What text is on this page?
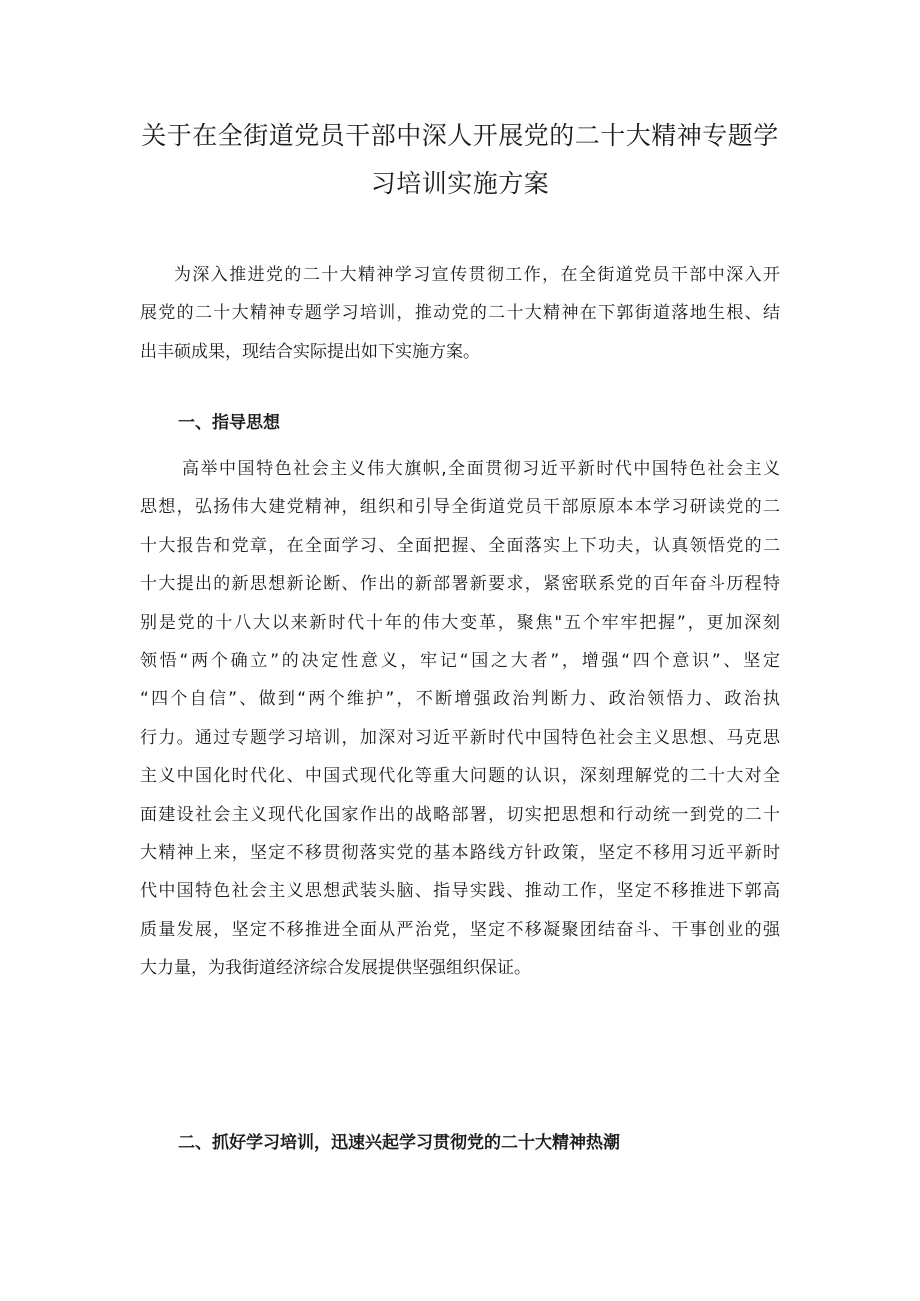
关于在全街道党员干部中深人开展党的二十大精神专题学
习培训实施方案

为深入推进党的二十大精神学习宣传贯彻工作，在全街道党员干部中深入开
展党的二十大精神专题学习培训，推动党的二十大精神在下郭街道落地生根、结
出丰硕成果，现结合实际提出如下实施方案。

一、指导思想

高举中国特色社会主义伟大旗帜,全面贯彻习近平新时代中国特色社会主义
思想，弘扬伟大建党精神，组织和引导全街道党员干部原原本本学习研读党的二
十大报告和党章，在全面学习、全面把握、全面落实上下功夫，认真领悟党的二
十大提出的新思想新论断、作出的新部署新要求，紧密联系党的百年奋斗历程特
别是党的十八大以来新时代十年的伟大变革，聚焦"五个牢牢把握”，更加深刻
领悟“两个确立”的决定性意义，牢记“国之大者”，增强“四个意识”、坚定
“四个自信”、做到“两个维护”，不断增强政治判断力、政治领悟力、政治执
行力。通过专题学习培训，加深对习近平新时代中国特色社会主义思想、马克思
主义中国化时代化、中国式现代化等重大问题的认识，深刻理解党的二十大对全
面建设社会主义现代化国家作出的战略部署，切实把思想和行动统一到党的二十
大精神上来，坚定不移贯彻落实党的基本路线方针政策，坚定不移用习近平新时
代中国特色社会主义思想武装头脑、指导实践、推动工作，坚定不移推进下郭高
质量发展，坚定不移推进全面从严治党，坚定不移凝聚团结奋斗、干事创业的强
大力量，为我街道经济综合发展提供坚强组织保证。

二、抓好学习培训，迅速兴起学习贯彻党的二十大精神热潮
